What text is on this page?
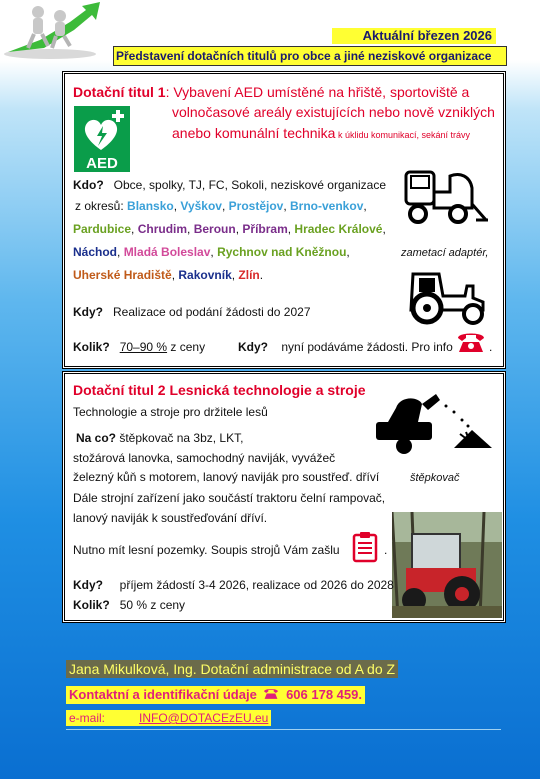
Aktuální březen 2026
Představení dotačních titulů pro obce a jiné neziskové organizace
Dotační titul 1: Vybavení AED umístěné na hřiště, sportoviště a
volnočasové areály existujících nebo nově vzniklých
anebo komunální technika k úklidu komunikací, sekání trávy
AED
Kdo? Obce, spolky, TJ, FC, Sokoli, neziskové organizace
z okresů: Blansko, Vyškov, Prostějov, Brno-venkov,
Pardubice, Chrudim, Beroun, Příbram, Hradec Králové,
Náchod, Mladá Boleslav, Rychnov nad Kněžnou,
Uherské Hradiště, Rakovník, Zlín.
zametací adaptér,
Kdy? Realizace od podání žádosti do 2027
Kolik? 70–90 % z ceny	Kdy? nyní podáváme žádosti. Pro info	.
Dotační titul 2 Lesnická technologie a stroje
Technologie a stroje pro držitele lesů
Na co? štěpkovač na 3bz, LKT,
stožárová lanovka, samochodný naviják, vyvážeč
železný kůň s motorem, lanový naviják pro soustřeď. dříví	štěpkovač
Dále strojní zařízení jako součástí traktoru čelní rampovač,
lanový naviják k soustřeďování dříví.
Nutno mít lesní pozemky. Soupis strojů Vám zašlu	.
Kdy? příjem žádostí 3-4 2026, realizace od 2026 do 2028
Kolik? 50 % z ceny
Jana Mikulková, Ing. Dotační administrace od A do Z
Kontaktní a identifikační údaje 606 178 459.
e-mail:	INFO@DOTACEzEU.eu
